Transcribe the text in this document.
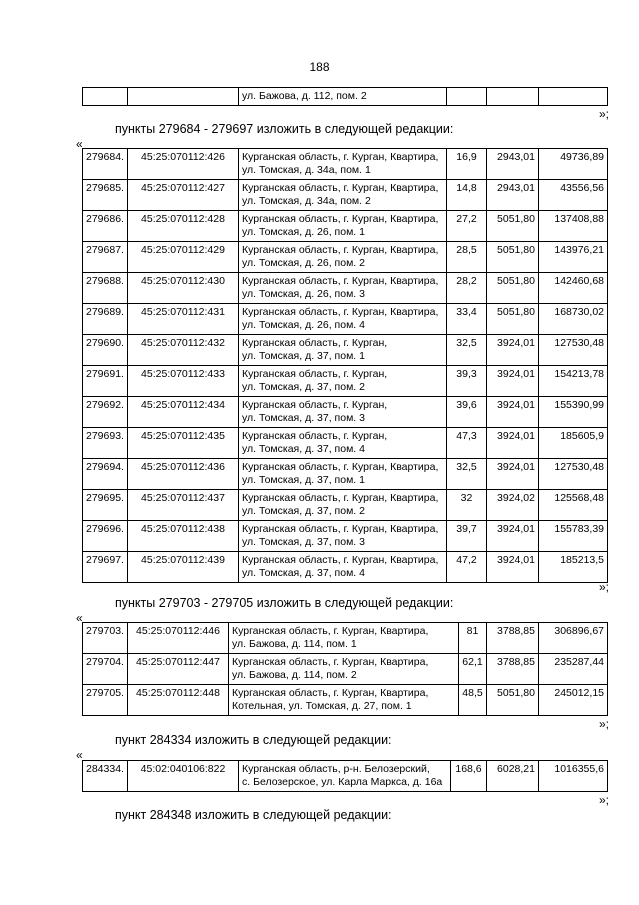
188
		ул. Бажова, д. 112, пом. 2			
»;
пункты 279684 - 279697 изложить в следующей редакции:
«
279684.	45:25:070112:426	Курганская область, г. Курган, Квартира,
ул. Томская, д. 34а, пом. 1	16,9	2943,01	49736,89
279685.	45:25:070112:427	Курганская область, г. Курган, Квартира,
ул. Томская, д. 34а, пом. 2	14,8	2943,01	43556,56
279686.	45:25:070112:428	Курганская область, г. Курган, Квартира,
ул. Томская, д. 26, пом. 1	27,2	5051,80	137408,88
279687.	45:25:070112:429	Курганская область, г. Курган, Квартира,
ул. Томская, д. 26, пом. 2	28,5	5051,80	143976,21
279688.	45:25:070112:430	Курганская область, г. Курган, Квартира,
ул. Томская, д. 26, пом. 3	28,2	5051,80	142460,68
279689.	45:25:070112:431	Курганская область, г. Курган, Квартира,
ул. Томская, д. 26, пом. 4	33,4	5051,80	168730,02
279690.	45:25:070112:432	Курганская область, г. Курган,
ул. Томская, д. 37, пом. 1	32,5	3924,01	127530,48
279691.	45:25:070112:433	Курганская область, г. Курган,
ул. Томская, д. 37, пом. 2	39,3	3924,01	154213,78
279692.	45:25:070112:434	Курганская область, г. Курган,
ул. Томская, д. 37, пом. 3	39,6	3924,01	155390,99
279693.	45:25:070112:435	Курганская область, г. Курган,
ул. Томская, д. 37, пом. 4	47,3	3924,01	185605,9
279694.	45:25:070112:436	Курганская область, г. Курган, Квартира,
ул. Томская, д. 37, пом. 1	32,5	3924,01	127530,48
279695.	45:25:070112:437	Курганская область, г. Курган, Квартира,
ул. Томская, д. 37, пом. 2	32	3924,02	125568,48
279696.	45:25:070112:438	Курганская область, г. Курган, Квартира,
ул. Томская, д. 37, пом. 3	39,7	3924,01	155783,39
279697.	45:25:070112:439	Курганская область, г. Курган, Квартира,
ул. Томская, д. 37, пом. 4	47,2	3924,01	185213,5
»;
пункты 279703 - 279705 изложить в следующей редакции:
«
279703.	45:25:070112:446	Курганская область, г. Курган, Квартира,
ул. Бажова, д. 114, пом. 1	81	3788,85	306896,67
279704.	45:25:070112:447	Курганская область, г. Курган, Квартира,
ул. Бажова, д. 114, пом. 2	62,1	3788,85	235287,44
279705.	45:25:070112:448	Курганская область, г. Курган, Квартира,
Котельная, ул. Томская, д. 27, пом. 1	48,5	5051,80	245012,15
»;
пункт 284334 изложить в следующей редакции:
«
284334.	45:02:040106:822	Курганская область, р-н. Белозерский,
с. Белозерское, ул. Карла Маркса, д. 16а
	168,6	6028,21	1016355,6
»;
пункт 284348 изложить в следующей редакции:
